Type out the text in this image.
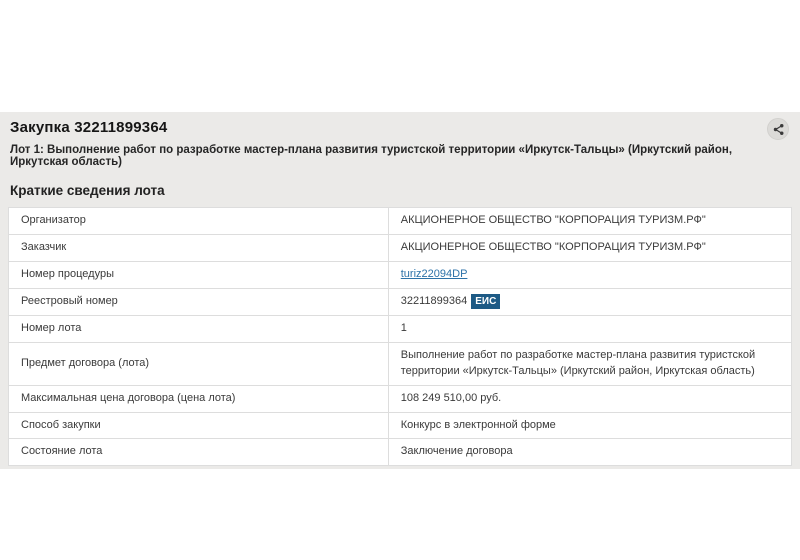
Закупка 32211899364
Лот 1: Выполнение работ по разработке мастер-плана развития туристской территории «Иркутск-Тальцы» (Иркутский район, Иркутская область)
Краткие сведения лота
Организатор	АКЦИОНЕРНОЕ ОБЩЕСТВО "КОРПОРАЦИЯ ТУРИЗМ.РФ"
Заказчик	АКЦИОНЕРНОЕ ОБЩЕСТВО "КОРПОРАЦИЯ ТУРИЗМ.РФ"
Номер процедуры	turiz22094DP
Реестровый номер	32211899364 ЕИС
Номер лота	1
Предмет договора (лота)	Выполнение работ по разработке мастер-плана развития туристской территории «Иркутск-Тальцы» (Иркутский район, Иркутская область)
Максимальная цена договора (цена лота)	108 249 510,00 руб.
Способ закупки	Конкурс в электронной форме
Состояние лота	Заключение договора
